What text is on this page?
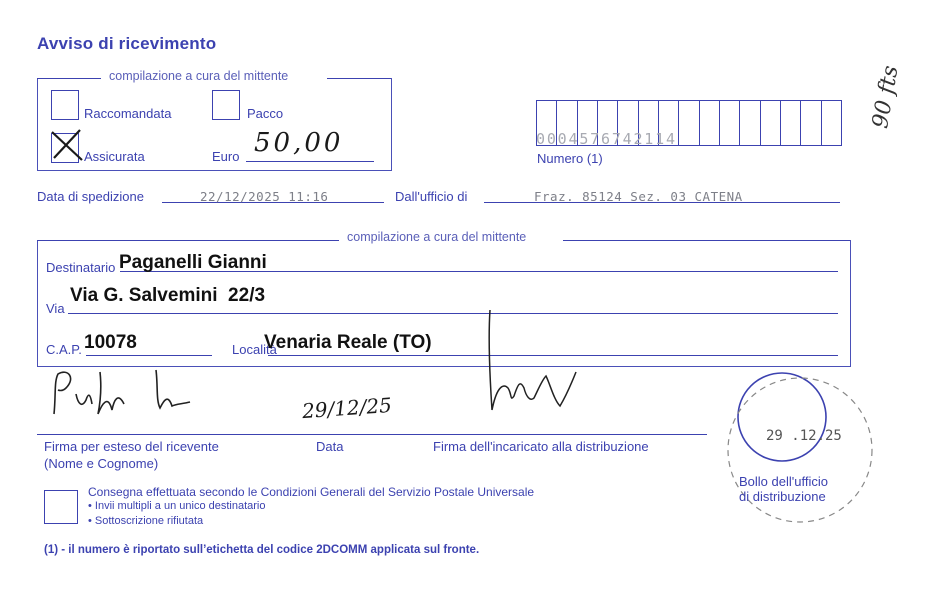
Avviso di ricevimento
compilazione a cura del mittente
Raccomandata	Pacco
Assicurata	Euro 50,00	0004576742114
Numero (1)
Data di spedizione	22/12/2025 11:16	Dall'ufficio di	Fraz. 85124 Sez. 03 CATENA
compilazione a cura del mittente
Destinatario Paganelli Gianni
Via
Via G. Salvemini  22/3
C.A.P. 10078	Località
Venaria Reale (TO)
29/12/25
Firma per esteso del ricevente
(Nome e Cognome)
Data	Firma dell'incaricato alla distribuzione
29 .12.25
Bollo dell'ufficio
di distribuzione
Consegna effettuata secondo le Condizioni Generali del Servizio Postale Universale
• Invii multipli a un unico destinatario
• Sottoscrizione rifiutata
(1) - il numero è riportato sull’etichetta del codice 2DCOMM applicata sul fronte.
90 fts
